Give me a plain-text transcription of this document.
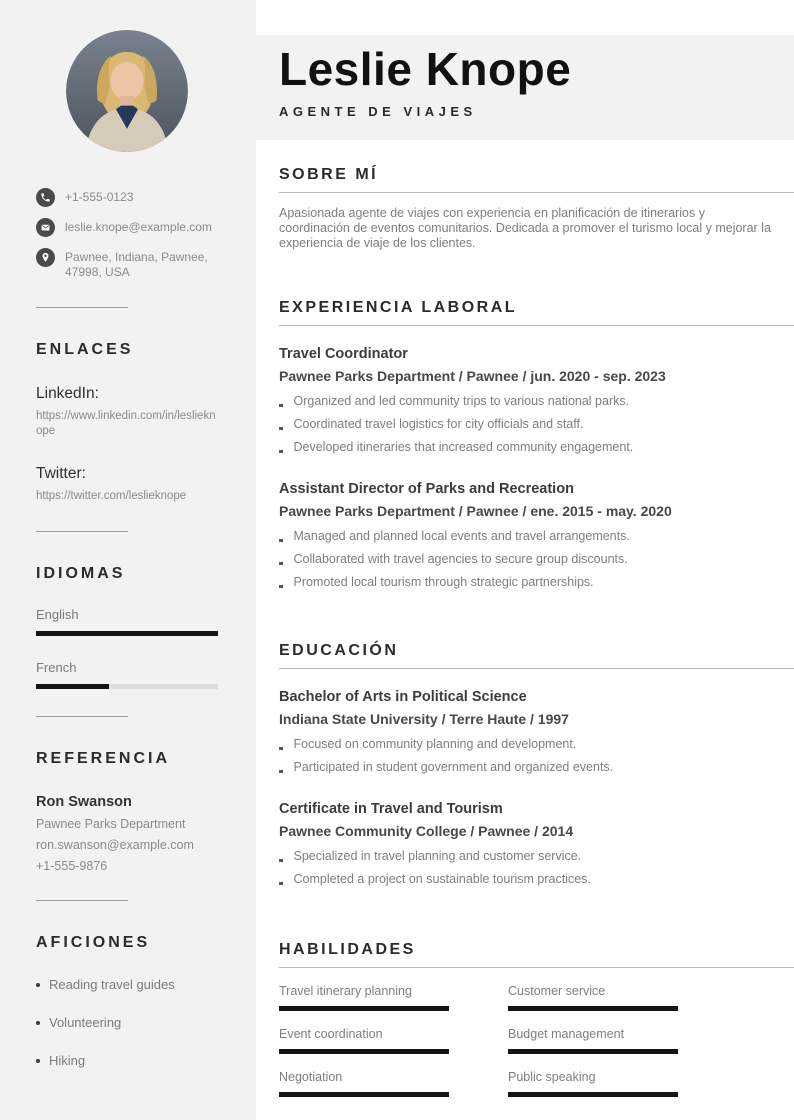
+1-555-0123
leslie.knope@example.com
Pawnee, Indiana, Pawnee, 47998, USA
ENLACES
LinkedIn:
https://www.linkedin.com/in/leslieknope
Twitter:
https://twitter.com/leslieknope
IDIOMAS
English
French
REFERENCIA
Ron Swanson
Pawnee Parks Department
ron.swanson@example.com
+1-555-9876
AFICIONES
Reading travel guides
Volunteering
Hiking
Leslie Knope
AGENTE DE VIAJES
SOBRE MÍ

Apasionada agente de viajes con experiencia en planificación de itinerarios y coordinación de eventos comunitarios. Dedicada a promover el turismo local y mejorar la experiencia de viaje de los clientes.

EXPERIENCIA LABORAL
Travel Coordinator
Pawnee Parks Department / Pawnee / jun. 2020 - sep. 2023
Organized and led community trips to various national parks.
Coordinated travel logistics for city officials and staff.
Developed itineraries that increased community engagement.
Assistant Director of Parks and Recreation
Pawnee Parks Department / Pawnee / ene. 2015 - may. 2020
Managed and planned local events and travel arrangements.
Collaborated with travel agencies to secure group discounts.
Promoted local tourism through strategic partnerships.
EDUCACIÓN
Bachelor of Arts in Political Science
Indiana State University / Terre Haute / 1997
Focused on community planning and development.
Participated in student government and organized events.
Certificate in Travel and Tourism
Pawnee Community College / Pawnee / 2014
Specialized in travel planning and customer service.
Completed a project on sustainable tourism practices.
HABILIDADES
Travel itinerary planning	Customer service
Event coordination	Budget management
Negotiation	Public speaking
